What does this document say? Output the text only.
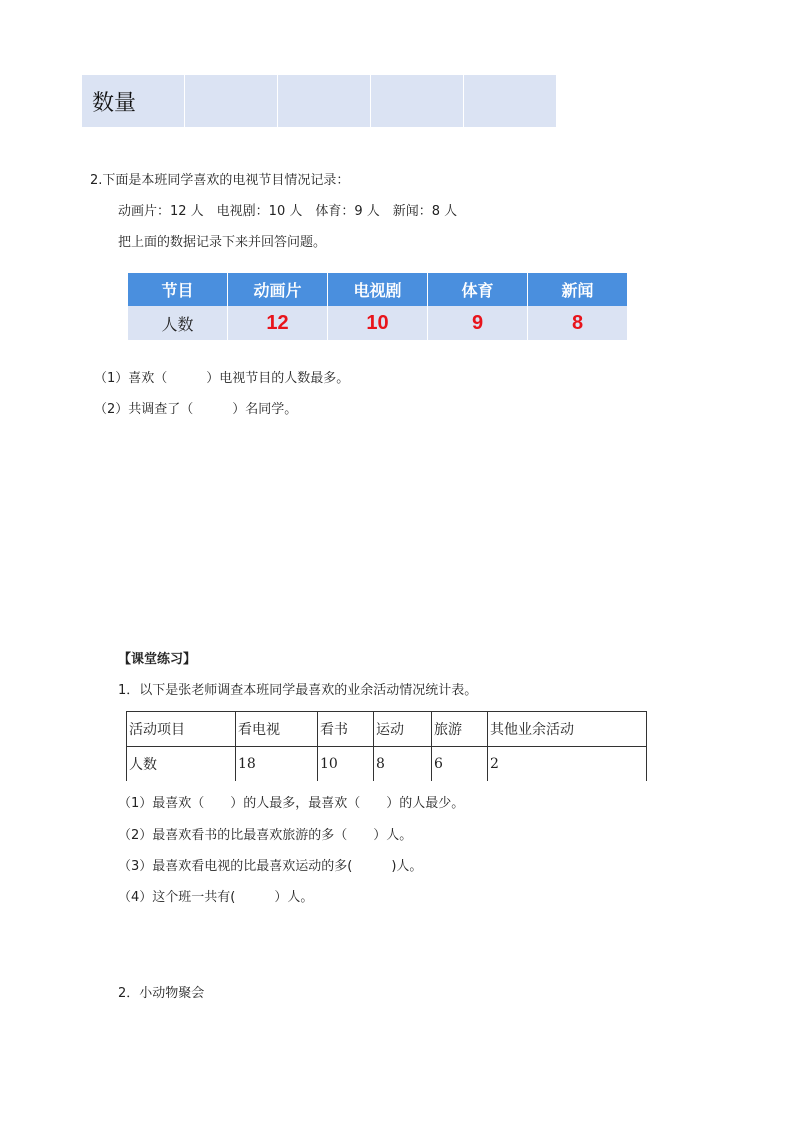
数量				
2.下面是本班同学喜欢的电视节目情况记录：
动画片：12 人　电视剧：10 人　体育：9 人　新闻：8 人
把上面的数据记录下来并回答问题。
节目	动画片	电视剧	体育	新闻
人数	12	10	9	8
（1）喜欢（　　　）电视节目的人数最多。
（2）共调查了（　　　）名同学。
【课堂练习】
1．以下是张老师调查本班同学最喜欢的业余活动情况统计表。
活动项目	看电视	看书	运动	旅游	其他业余活动
人数	18	10	8	6	2
（1）最喜欢（　　）的人最多，最喜欢（　　）的人最少。
（2）最喜欢看书的比最喜欢旅游的多（　　）人。
（3）最喜欢看电视的比最喜欢运动的多(　　　)人。
（4）这个班一共有(　　　）人。
2．小动物聚会
